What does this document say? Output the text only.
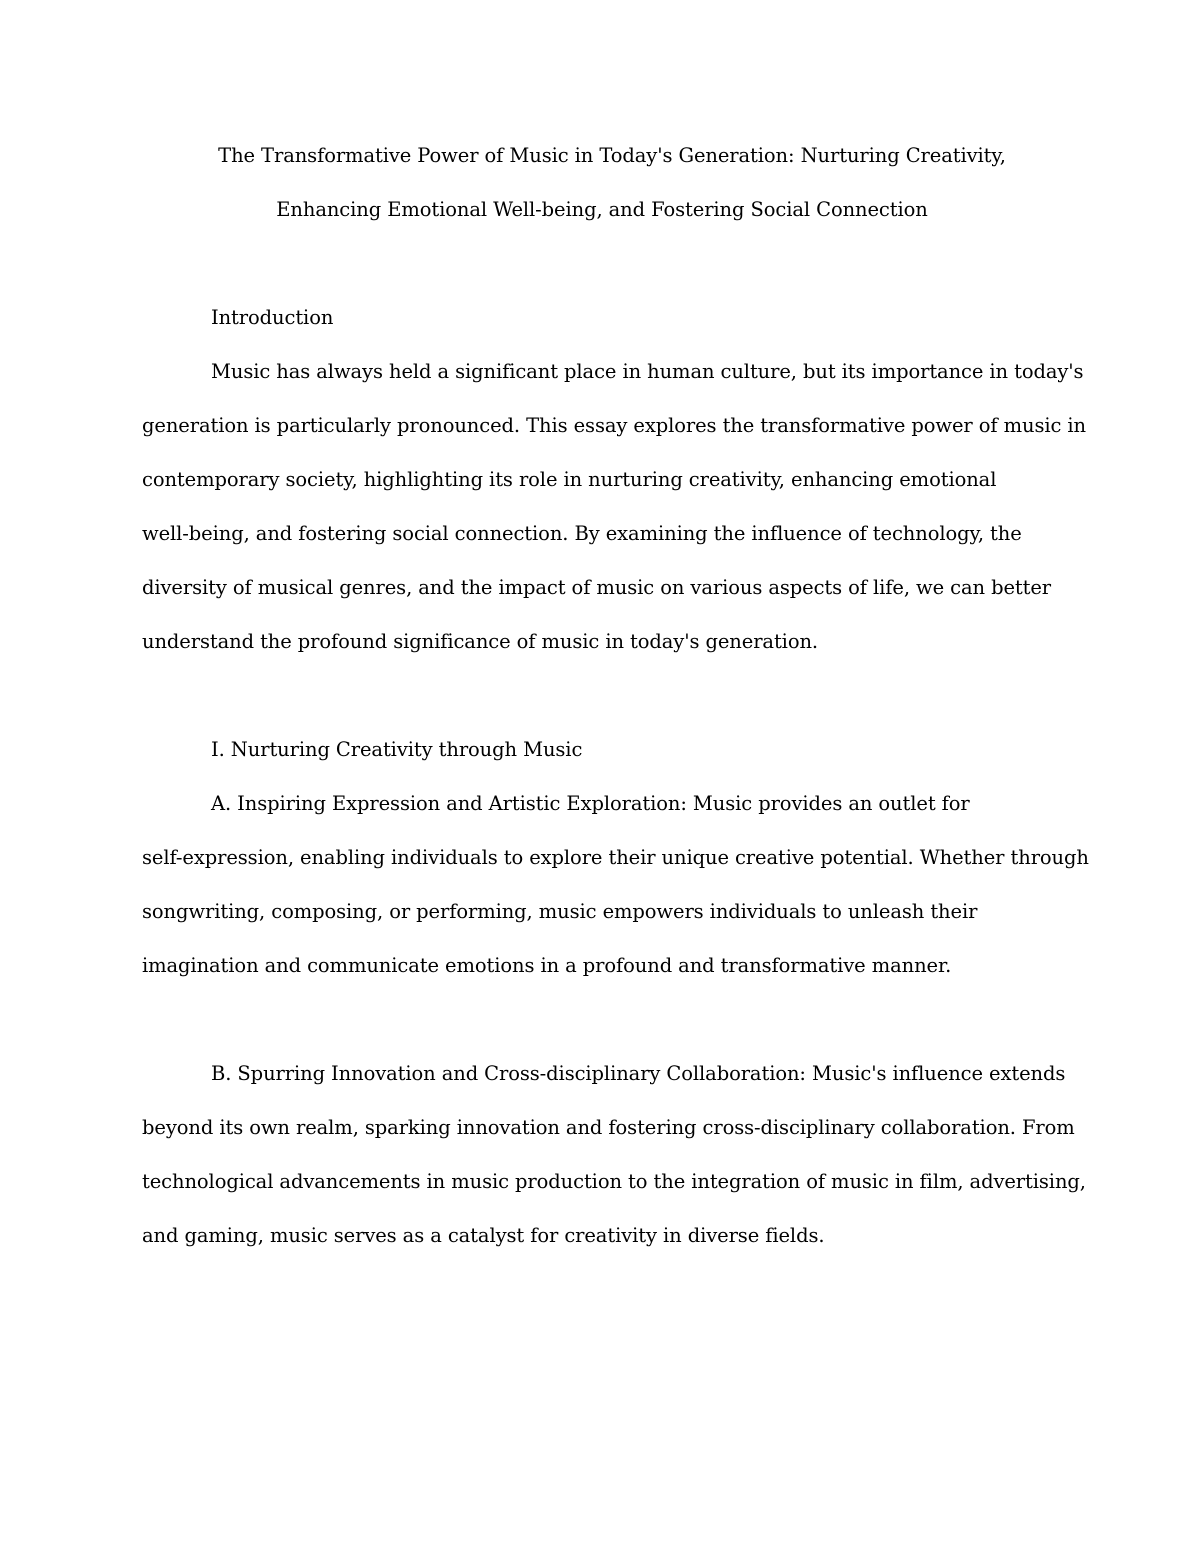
The Transformative Power of Music in Today's Generation: Nurturing Creativity,
Enhancing Emotional Well-being, and Fostering Social Connection
Introduction

Music has always held a significant place in human culture, but its importance in today's
generation is particularly pronounced. This essay explores the transformative power of music in
contemporary society, highlighting its role in nurturing creativity, enhancing emotional
well-being, and fostering social connection. By examining the influence of technology, the
diversity of musical genres, and the impact of music on various aspects of life, we can better
understand the profound significance of music in today's generation.

I. Nurturing Creativity through Music

A. Inspiring Expression and Artistic Exploration: Music provides an outlet for
self-expression, enabling individuals to explore their unique creative potential. Whether through
songwriting, composing, or performing, music empowers individuals to unleash their
imagination and communicate emotions in a profound and transformative manner.

B. Spurring Innovation and Cross-disciplinary Collaboration: Music's influence extends
beyond its own realm, sparking innovation and fostering cross-disciplinary collaboration. From
technological advancements in music production to the integration of music in film, advertising,
and gaming, music serves as a catalyst for creativity in diverse fields.
